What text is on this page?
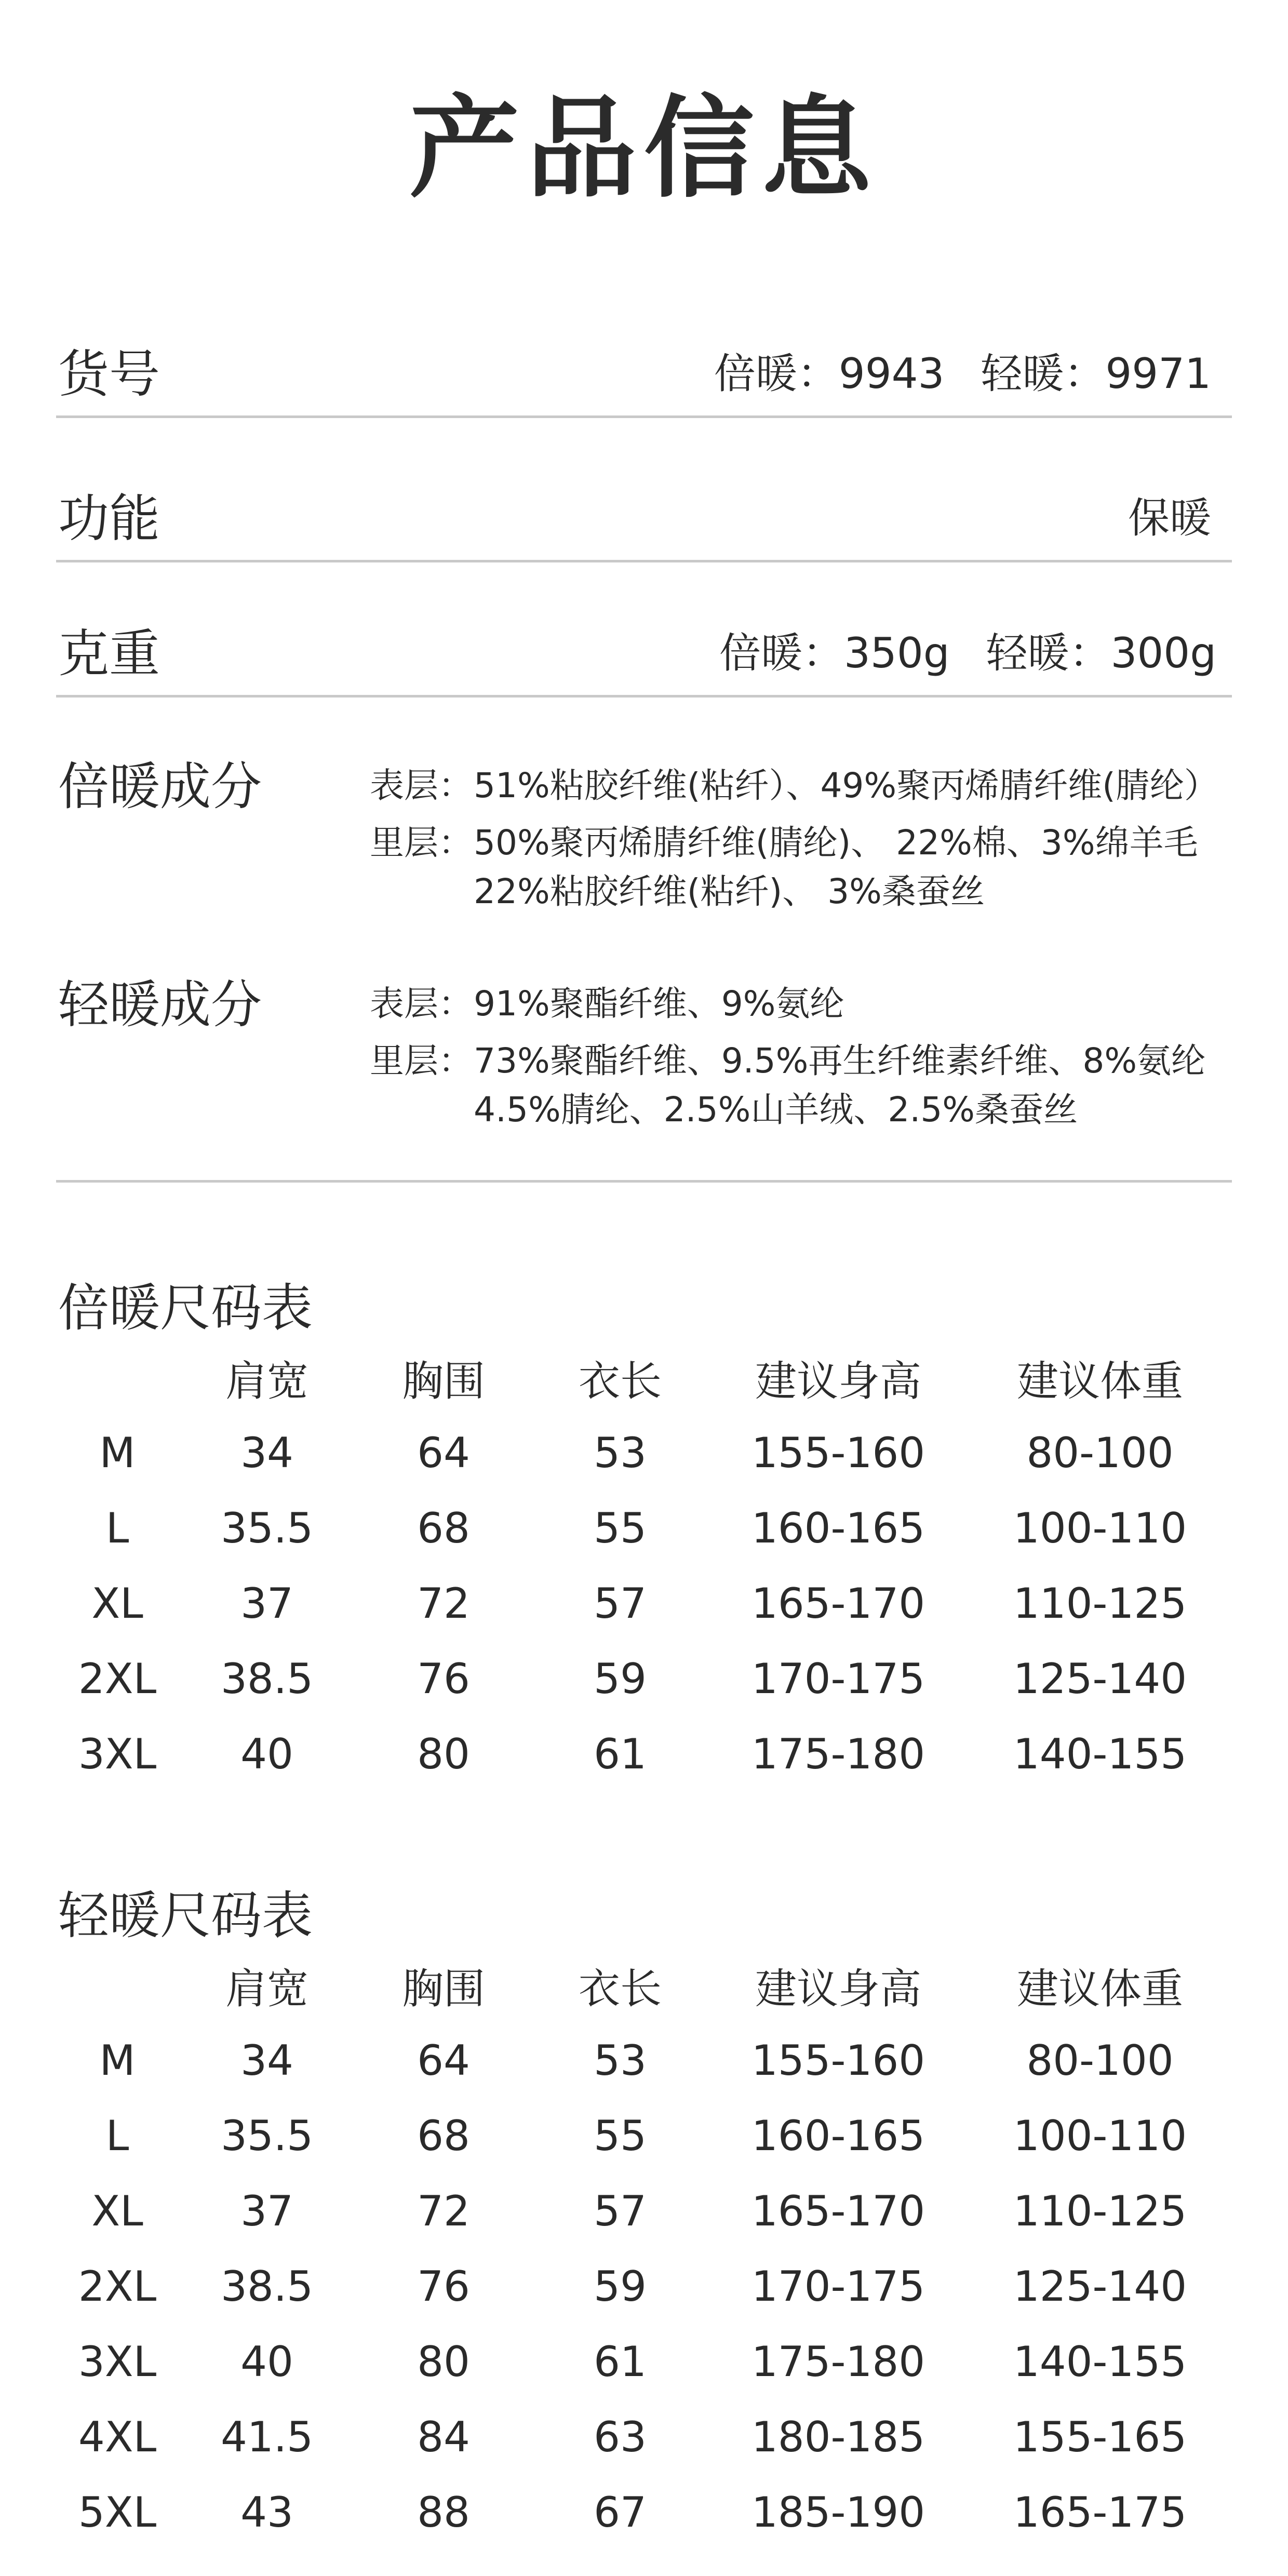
产品信息
货号	倍暖：9943 轻暖：9971
功能	保暖
克重	倍暖：350g 轻暖：300g
倍暖成分	表层： 51%粘胶纤维(粘纤）、49%聚丙烯腈纤维(腈纶）
里层： 50%聚丙烯腈纤维(腈纶)、 22%棉、3%绵羊毛
22%粘胶纤维(粘纤)、 3%桑蚕丝
轻暖成分	表层： 91%聚酯纤维、9%氨纶
里层： 73%聚酯纤维、9.5%再生纤维素纤维、8%氨纶
4.5%腈纶、2.5%山羊绒、2.5%桑蚕丝
倍暖尺码表
	肩宽	胸围	衣长	建议身高	建议体重
M	34	64	53	155-160	80-100
L	35.5	68	55	160-165	100-110
XL	37	72	57	165-170	110-125
2XL	38.5	76	59	170-175	125-140
3XL	40	80	61	175-180	140-155
轻暖尺码表
	肩宽	胸围	衣长	建议身高	建议体重
M	34	64	53	155-160	80-100
L	35.5	68	55	160-165	100-110
XL	37	72	57	165-170	110-125
2XL	38.5	76	59	170-175	125-140
3XL	40	80	61	175-180	140-155
4XL	41.5	84	63	180-185	155-165
5XL	43	88	67	185-190	165-175
